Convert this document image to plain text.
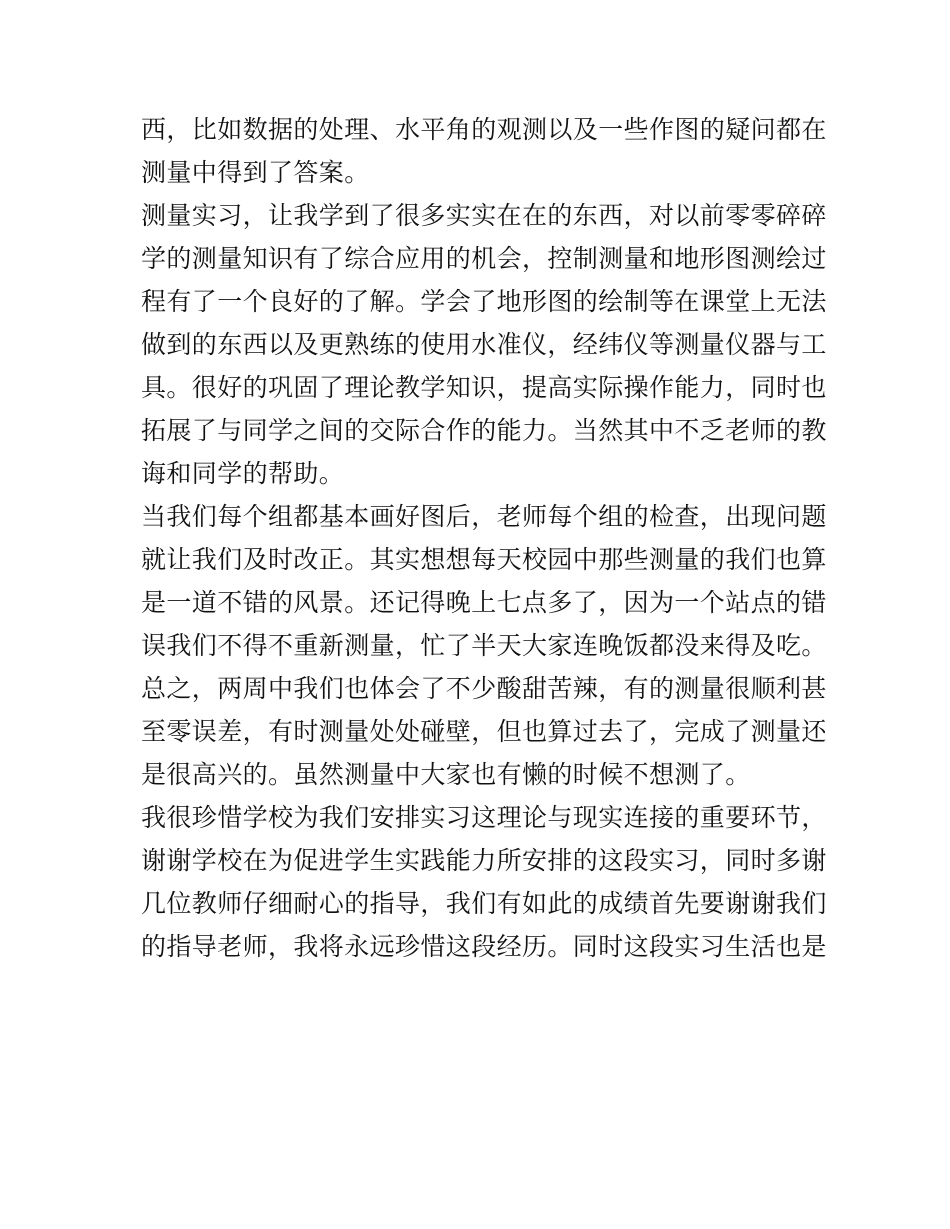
西，比如数据的处理、水平角的观测以及一些作图的疑问都在
测量中得到了答案。
测量实习，让我学到了很多实实在在的东西，对以前零零碎碎
学的测量知识有了综合应用的机会，控制测量和地形图测绘过
程有了一个良好的了解。学会了地形图的绘制等在课堂上无法
做到的东西以及更熟练的使用水准仪，经纬仪等测量仪器与工
具。很好的巩固了理论教学知识，提高实际操作能力，同时也
拓展了与同学之间的交际合作的能力。当然其中不乏老师的教
诲和同学的帮助。
当我们每个组都基本画好图后，老师每个组的检查，出现问题
就让我们及时改正。其实想想每天校园中那些测量的我们也算
是一道不错的风景。还记得晚上七点多了，因为一个站点的错
误我们不得不重新测量，忙了半天大家连晚饭都没来得及吃。
总之，两周中我们也体会了不少酸甜苦辣，有的测量很顺利甚
至零误差，有时测量处处碰壁，但也算过去了，完成了测量还
是很高兴的。虽然测量中大家也有懒的时候不想测了。
我很珍惜学校为我们安排实习这理论与现实连接的重要环节，
谢谢学校在为促进学生实践能力所安排的这段实习，同时多谢
几位教师仔细耐心的指导，我们有如此的成绩首先要谢谢我们
的指导老师，我将永远珍惜这段经历。同时这段实习生活也是
